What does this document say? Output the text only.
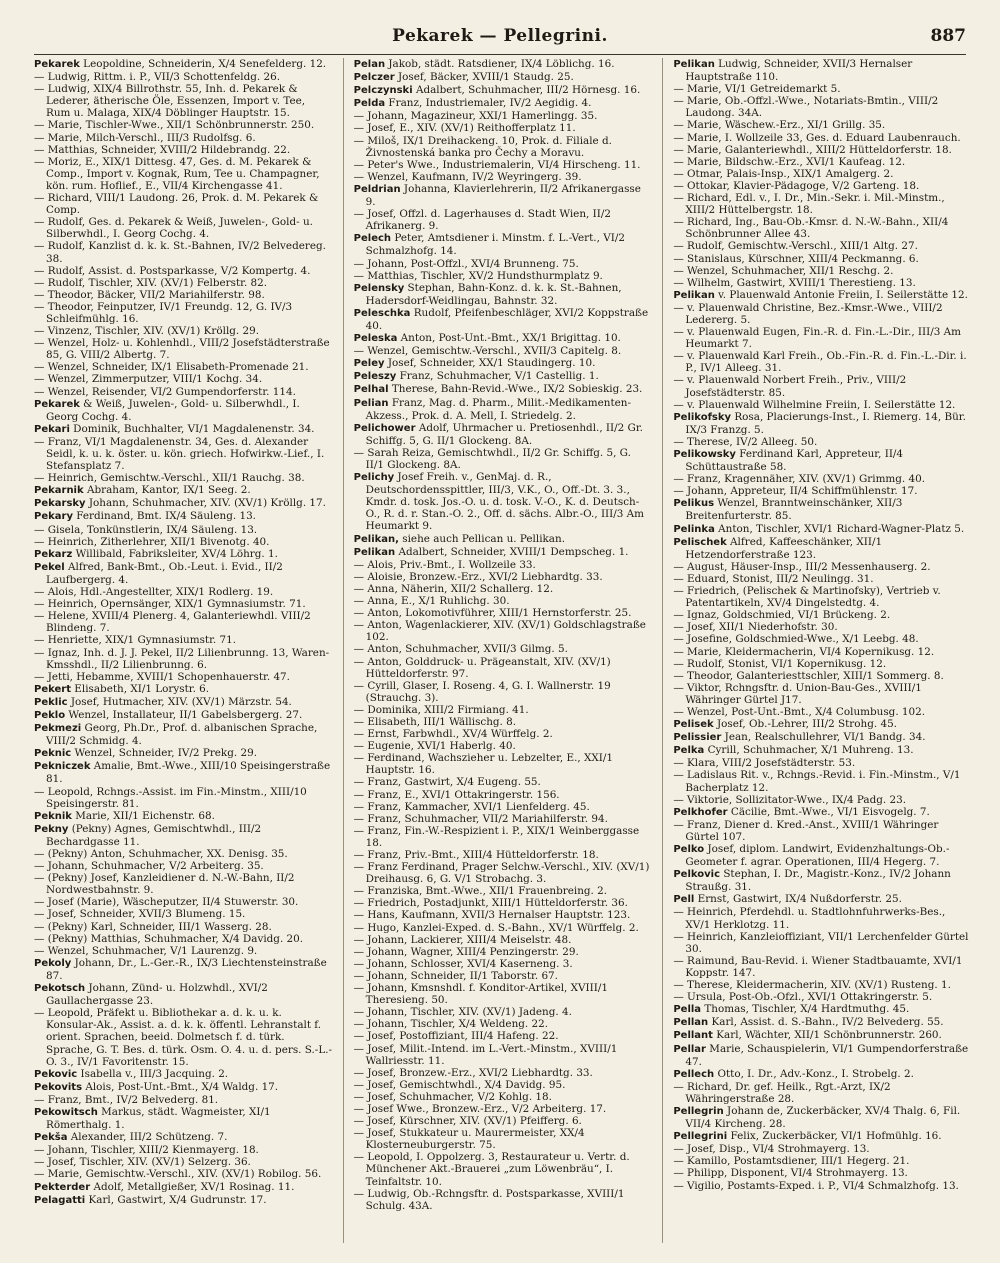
Pekarek — Pellegrini.	887
Pekarek Leopoldine, Schneiderin, X/4 Senefelderg. 12.
— Ludwig, Rittm. i. P., VII/3 Schottenfeldg. 26.
— Ludwig, XIX/4 Billrothstr. 55, Inh. d. Pekarek & Lederer, ätherische Öle, Essenzen, Import v. Tee, Rum u. Malaga, XIX/4 Döblinger Hauptstr. 15.
— Marie, Tischler-Wwe., XII/1 Schönbrunnerstr. 250.
— Marie, Milch-Verschl., III/3 Rudolfsg. 6.
— Matthias, Schneider, XVIII/2 Hildebrandg. 22.
— Moriz, E., XIX/1 Dittesg. 47, Ges. d. M. Pekarek & Comp., Import v. Kognak, Rum, Tee u. Champagner, kön. rum. Hoflief., E., VII/4 Kirchengasse 41.
— Richard, VIII/1 Laudong. 26, Prok. d. M. Pekarek & Comp.
— Rudolf, Ges. d. Pekarek & Weiß, Juwelen-, Gold- u. Silberwhdl., I. Georg Cochg. 4.
— Rudolf, Kanzlist d. k. k. St.-Bahnen, IV/2 Belvedereg. 38.
— Rudolf, Assist. d. Postsparkasse, V/2 Kompertg. 4.
— Rudolf, Tischler, XIV. (XV/1) Felberstr. 82.
— Theodor, Bäcker, VII/2 Mariahilferstr. 98.
— Theodor, Feinputzer, IV/1 Freundg. 12, G. IV/3 Schleifmühlg. 16.
— Vinzenz, Tischler, XIV. (XV/1) Kröllg. 29.
— Wenzel, Holz- u. Kohlenhdl., VIII/2 Josefstädterstraße 85, G. VIII/2 Albertg. 7.
— Wenzel, Schneider, IX/1 Elisabeth-Promenade 21.
— Wenzel, Zimmerputzer, VIII/1 Kochg. 34.
— Wenzel, Reisender, VI/2 Gumpendorferstr. 114.
Pekarek & Weiß, Juwelen-, Gold- u. Silberwhdl., I. Georg Cochg. 4.
Pekari Dominik, Buchhalter, VI/1 Magdalenenstr. 34.
— Franz, VI/1 Magdalenenstr. 34, Ges. d. Alexander Seidl, k. u. k. öster. u. kön. griech. Hofwirkw.-Lief., I. Stefansplatz 7.
— Heinrich, Gemischtw.-Verschl., XII/1 Rauchg. 38.
Pekarnik Abraham, Kantor, IX/1 Seeg. 2.
Pekarsky Johann, Schuhmacher, XIV. (XV/1) Kröllg. 17.
Pekary Ferdinand, Bmt. IX/4 Säuleng. 13.
— Gisela, Tonkünstlerin, IX/4 Säuleng. 13.
— Heinrich, Zitherlehrer, XII/1 Bivenotg. 40.
Pekarz Willibald, Fabriksleiter, XV/4 Löhrg. 1.
Pekel Alfred, Bank-Bmt., Ob.-Leut. i. Evid., II/2 Laufbergerg. 4.
— Alois, Hdl.-Angestellter, XIX/1 Rodlerg. 19.
— Heinrich, Opernsänger, XIX/1 Gymnasiumstr. 71.
— Helene, XVIII/4 Plenerg. 4, Galanteriewhdl. VIII/2 Blindeng. 7.
— Henriette, XIX/1 Gymnasiumstr. 71.
— Ignaz, Inh. d. J. J. Pekel, II/2 Lilienbrunng. 13, Waren-Kmsshdl., II/2 Lilienbrunng. 6.
— Jetti, Hebamme, XVIII/1 Schopenhauerstr. 47.
Pekert Elisabeth, XI/1 Lorystr. 6.
Peklic Josef, Hutmacher, XIV. (XV/1) Märzstr. 54.
Peklo Wenzel, Installateur, II/1 Gabelsbergerg. 27.
Pekmezi Georg, Ph.Dr., Prof. d. albanischen Sprache, VIII/2 Schmidg. 4.
Peknic Wenzel, Schneider, IV/2 Prekg. 29.
Pekniczek Amalie, Bmt.-Wwe., XIII/10 Speisingerstraße 81.
— Leopold, Rchngs.-Assist. im Fin.-Minstm., XIII/10 Speisingerstr. 81.
Peknik Marie, XII/1 Eichenstr. 68.
Pekny (Pekny) Agnes, Gemischtwhdl., III/2 Bechardgasse 11.
— (Pekny) Anton, Schuhmacher, XX. Denisg. 35.
— Johann, Schuhmacher, V/2 Arbeiterg. 35.
— (Pekny) Josef, Kanzleidiener d. N.-W.-Bahn, II/2 Nordwestbahnstr. 9.
— Josef (Marie), Wäscheputzer, II/4 Stuwerstr. 30.
— Josef, Schneider, XVII/3 Blumeng. 15.
— (Pekny) Karl, Schneider, III/1 Wasserg. 28.
— (Pekny) Matthias, Schuhmacher, X/4 Davidg. 20.
— Wenzel, Schuhmacher, V/1 Laurenzg. 9.
Pekoly Johann, Dr., L.-Ger.-R., IX/3 Liechtensteinstraße 87.
Pekotsch Johann, Zünd- u. Holzwhdl., XVI/2 Gaullachergasse 23.
— Leopold, Präfekt u. Bibliothekar a. d. k. u. k. Konsular-Ak., Assist. a. d. k. k. öffentl. Lehranstalt f. orient. Sprachen, beeid. Dolmetsch f. d. türk. Sprache, G. T. Bes. d. türk. Osm. O. 4. u. d. pers. S.-L.-O. 3., IV/1 Favoritenstr. 15.
Pekovic Isabella v., III/3 Jacquing. 2.
Pekovits Alois, Post-Unt.-Bmt., X/4 Waldg. 17.
— Franz, Bmt., IV/2 Belvederg. 81.
Pekowitsch Markus, städt. Wagmeister, XI/1 Römerthalg. 1.
Pekša Alexander, III/2 Schützeng. 7.
— Johann, Tischler, XIII/2 Kienmayerg. 18.
— Josef, Tischler, XIV. (XV/1) Selzerg. 36.
— Marie, Gemischtw.-Verschl., XIV. (XV/1) Robilog. 56.
Pekterder Adolf, Metallgießer, XV/1 Rosinag. 11.
Pelagatti Karl, Gastwirt, X/4 Gudrunstr. 17.
Pelan Jakob, städt. Ratsdiener, IX/4 Löblichg. 16.
Pelczer Josef, Bäcker, XVIII/1 Staudg. 25.
Pelczynski Adalbert, Schuhmacher, III/2 Hörnesg. 16.
Pelda Franz, Industriemaler, IV/2 Aegidig. 4.
— Johann, Magazineur, XXI/1 Hamerlingg. 35.
— Josef, E., XIV. (XV/1) Reithofferplatz 11.
— Miloš, IX/1 Dreihackeng. 10, Prok. d. Filiale d. Živnostenská banka pro Čechy a Moravu.
— Peter's Wwe., Industriemalerin, VI/4 Hirscheng. 11.
— Wenzel, Kaufmann, IV/2 Weyringerg. 39.
Peldrian Johanna, Klavierlehrerin, II/2 Afrikanergasse 9.
— Josef, Offzl. d. Lagerhauses d. Stadt Wien, II/2 Afrikanerg. 9.
Pelech Peter, Amtsdiener i. Minstm. f. L.-Vert., VI/2 Schmalzhofg. 14.
— Johann, Post-Offzl., XVI/4 Brunneng. 75.
— Matthias, Tischler, XV/2 Hundsthurmplatz 9.
Pelensky Stephan, Bahn-Konz. d. k. k. St.-Bahnen, Hadersdorf-Weidlingau, Bahnstr. 32.
Peleschka Rudolf, Pfeifenbeschläger, XVI/2 Koppstraße 40.
Peleska Anton, Post-Unt.-Bmt., XX/1 Brigittag. 10.
— Wenzel, Gemischtw.-Verschl., XVII/3 Capitelg. 8.
Peley Josef, Schneider, XX/1 Staudingerg. 10.
Peleszy Franz, Schuhmacher, V/1 Castellig. 1.
Pelhal Therese, Bahn-Revid.-Wwe., IX/2 Sobieskig. 23.
Pelian Franz, Mag. d. Pharm., Milit.-Medikamenten-Akzess., Prok. d. A. Mell, I. Striedelg. 2.
Pelichower Adolf, Uhrmacher u. Pretiosenhdl., II/2 Gr. Schiffg. 5, G. II/1 Glockeng. 8A.
— Sarah Reiza, Gemischtwhdl., II/2 Gr. Schiffg. 5, G. II/1 Glockeng. 8A.
Pelichy Josef Freih. v., GenMaj. d. R., Deutschordensspittler, III/3, V.K., O., Off.-Dt. 3. 3., Kmdr. d. tosk. Jos.-O. u. d. tosk. V.-O., K. d. Deutsch-O., R. d. r. Stan.-O. 2., Off. d. sächs. Albr.-O., III/3 Am Heumarkt 9.
Pelikan, siehe auch Pellican u. Pellikan.
Pelikan Adalbert, Schneider, XVIII/1 Dempscheg. 1.
— Alois, Priv.-Bmt., I. Wollzeile 33.
— Aloisie, Bronzew.-Erz., XVI/2 Liebhardtg. 33.
— Anna, Näherin, XII/2 Schallerg. 12.
— Anna, E., X/1 Ruhlichg. 30.
— Anton, Lokomotivführer, XIII/1 Hernstorferstr. 25.
— Anton, Wagenlackierer, XIV. (XV/1) Goldschlagstraße 102.
— Anton, Schuhmacher, XVII/3 Gilmg. 5.
— Anton, Golddruck- u. Prägeanstalt, XIV. (XV/1) Hütteldorferstr. 97.
— Cyrill, Glaser, I. Roseng. 4, G. I. Wallnerstr. 19 (Strauchg. 3).
— Dominika, XIII/2 Firmiang. 41.
— Elisabeth, III/1 Wällischg. 8.
— Ernst, Farbwhdl., XV/4 Würffelg. 2.
— Eugenie, XVI/1 Haberlg. 40.
— Ferdinand, Wachszieher u. Lebzelter, E., XXI/1 Hauptstr. 16.
— Franz, Gastwirt, X/4 Eugeng. 55.
— Franz, E., XVI/1 Ottakringerstr. 156.
— Franz, Kammacher, XVI/1 Lienfelderg. 45.
— Franz, Schuhmacher, VII/2 Mariahilferstr. 94.
— Franz, Fin.-W.-Respizient i. P., XIX/1 Weinberggasse 18.
— Franz, Priv.-Bmt., XIII/4 Hütteldorferstr. 18.
— Franz Ferdinand, Prager Selchw.-Verschl., XIV. (XV/1) Dreihausg. 6, G. V/1 Strobachg. 3.
— Franziska, Bmt.-Wwe., XII/1 Frauenbreing. 2.
— Friedrich, Postadjunkt, XIII/1 Hütteldorferstr. 36.
— Hans, Kaufmann, XVII/3 Hernalser Hauptstr. 123.
— Hugo, Kanzlei-Exped. d. S.-Bahn., XV/1 Würffelg. 2.
— Johann, Lackierer, XIII/4 Meiselstr. 48.
— Johann, Wagner, XIII/4 Penzingerstr. 29.
— Johann, Schlosser, XVI/4 Kaserneng. 3.
— Johann, Schneider, II/1 Taborstr. 67.
— Johann, Kmsnshdl. f. Konditor-Artikel, XVIII/1 Theresieng. 50.
— Johann, Tischler, XIV. (XV/1) Jadeng. 4.
— Johann, Tischler, X/4 Weldeng. 22.
— Josef, Postoffiziant, III/4 Hafeng. 22.
— Josef, Milit.-Intend. im L.-Vert.-Minstm., XVIII/1 Wallriesstr. 11.
— Josef, Bronzew.-Erz., XVI/2 Liebhardtg. 33.
— Josef, Gemischtwhdl., X/4 Davidg. 95.
— Josef, Schuhmacher, V/2 Kohlg. 18.
— Josef Wwe., Bronzew.-Erz., V/2 Arbeiterg. 17.
— Josef, Kürschner, XIV. (XV/1) Pfeifferg. 6.
— Josef, Stukkateur u. Maurermeister, XX/4 Klosterneuburgerstr. 75.
— Leopold, I. Oppolzerg. 3, Restaurateur u. Vertr. d. Münchener Akt.-Brauerei „zum Löwenbräu“, I. Teinfaltstr. 10.
— Ludwig, Ob.-Rchngsftr. d. Postsparkasse, XVIII/1 Schulg. 43A.
Pelikan Ludwig, Schneider, XVII/3 Hernalser Hauptstraße 110.
— Marie, VI/1 Getreidemarkt 5.
— Marie, Ob.-Offzl.-Wwe., Notariats-Bmtin., VIII/2 Laudong. 34A.
— Marie, Wäschew.-Erz., XI/1 Grillg. 35.
— Marie, I. Wollzeile 33, Ges. d. Eduard Laubenrauch.
— Marie, Galanteriewhdl., XIII/2 Hütteldorferstr. 18.
— Marie, Bildschw.-Erz., XVI/1 Kaufeag. 12.
— Otmar, Palais-Insp., XIX/1 Amalgerg. 2.
— Ottokar, Klavier-Pädagoge, V/2 Garteng. 18.
— Richard, Edl. v., I. Dr., Min.-Sekr. i. Mil.-Minstm., XIII/2 Hüttelbergstr. 18.
— Richard, Ing., Bau-Ob.-Kmsr. d. N.-W.-Bahn., XII/4 Schönbrunner Allee 43.
— Rudolf, Gemischtw.-Verschl., XIII/1 Altg. 27.
— Stanislaus, Kürschner, XIII/4 Peckmanng. 6.
— Wenzel, Schuhmacher, XII/1 Reschg. 2.
— Wilhelm, Gastwirt, XVIII/1 Therestieng. 13.
Pelikan v. Plauenwald Antonie Freiin, I. Seilerstätte 12.
— v. Plauenwald Christine, Bez.-Kmsr.-Wwe., VIII/2 Ledererg. 5.
— v. Plauenwald Eugen, Fin.-R. d. Fin.-L.-Dir., III/3 Am Heumarkt 7.
— v. Plauenwald Karl Freih., Ob.-Fin.-R. d. Fin.-L.-Dir. i. P., IV/1 Alleeg. 31.
— v. Plauenwald Norbert Freih., Priv., VIII/2 Josefstädterstr. 85.
— v. Plauenwald Wilhelmine Freiin, I. Seilerstätte 12.
Pelikofsky Rosa, Placierungs-Inst., I. Riemerg. 14, Bür. IX/3 Franzg. 5.
— Therese, IV/2 Alleeg. 50.
Pelikowsky Ferdinand Karl, Appreteur, II/4 Schüttaustraße 58.
— Franz, Kragennäher, XIV. (XV/1) Grimmg. 40.
— Johann, Appreteur, II/4 Schiffmühlenstr. 17.
Pelikus Wenzel, Branntweinschänker, XII/3 Breitenfurterstr. 85.
Pelinka Anton, Tischler, XVI/1 Richard-Wagner-Platz 5.
Pelischek Alfred, Kaffeeschänker, XII/1 Hetzendorferstraße 123.
— August, Häuser-Insp., III/2 Messenhauserg. 2.
— Eduard, Stonist, III/2 Neulingg. 31.
— Friedrich, (Pelischek & Martinofsky), Vertrieb v. Patentartikeln, XV/4 Dingelstedtg. 4.
— Ignaz, Goldschmied, VI/1 Brückeng. 2.
— Josef, XII/1 Niederhofstr. 30.
— Josefine, Goldschmied-Wwe., X/1 Leebg. 48.
— Marie, Kleidermacherin, VI/4 Kopernikusg. 12.
— Rudolf, Stonist, VI/1 Kopernikusg. 12.
— Theodor, Galanteriesttschler, XIII/1 Sommerg. 8.
— Viktor, Rchngsftr. d. Union-Bau-Ges., XVIII/1 Währinger Gürtel J17.
— Wenzel, Post-Unt.-Bmt., X/4 Columbusg. 102.
Pelisek Josef, Ob.-Lehrer, III/2 Strohg. 45.
Pelissier Jean, Realschullehrer, VI/1 Bandg. 34.
Pelka Cyrill, Schuhmacher, X/1 Muhreng. 13.
— Klara, VIII/2 Josefstädterstr. 53.
— Ladislaus Rit. v., Rchngs.-Revid. i. Fin.-Minstm., V/1 Bacherplatz 12.
— Viktorie, Sollizitator-Wwe., IX/4 Padg. 23.
Pelkhofer Cäcilie, Bmt.-Wwe., VI/1 Eisvogelg. 7.
— Franz, Diener d. Kred.-Anst., XVIII/1 Währinger Gürtel 107.
Pelko Josef, diplom. Landwirt, Evidenzhaltungs-Ob.-Geometer f. agrar. Operationen, III/4 Hegerg. 7.
Pelkovic Stephan, I. Dr., Magistr.-Konz., IV/2 Johann Straußg. 31.
Pell Ernst, Gastwirt, IX/4 Nußdorferstr. 25.
— Heinrich, Pferdehdl. u. Stadtlohnfuhrwerks-Bes., XV/1 Herklotzg. 11.
— Heinrich, Kanzleioffiziant, VII/1 Lerchenfelder Gürtel 30.
— Raimund, Bau-Revid. i. Wiener Stadtbauamte, XVI/1 Koppstr. 147.
— Therese, Kleidermacherin, XIV. (XV/1) Rusteng. 1.
— Ursula, Post-Ob.-Ofzl., XVI/1 Ottakringerstr. 5.
Pella Thomas, Tischler, X/4 Hardtmuthg. 45.
Pellan Karl, Assist. d. S.-Bahn., IV/2 Belvederg. 55.
Pellant Karl, Wächter, XII/1 Schönbrunnerstr. 260.
Pellar Marie, Schauspielerin, VI/1 Gumpendorferstraße 47.
Pellech Otto, I. Dr., Adv.-Konz., I. Strobelg. 2.
— Richard, Dr. gef. Heilk., Rgt.-Arzt, IX/2 Währingerstraße 28.
Pellegrin Johann de, Zuckerbäcker, XV/4 Thalg. 6, Fil. VII/4 Kircheng. 28.
Pellegrini Felix, Zuckerbäcker, VI/1 Hofmühlg. 16.
— Josef, Disp., VI/4 Strohmayerg. 13.
— Kamillo, Postamtsdiener, III/1 Hegerg. 21.
— Philipp, Disponent, VI/4 Strohmayerg. 13.
— Vigilio, Postamts-Exped. i. P., VI/4 Schmalzhofg. 13.
